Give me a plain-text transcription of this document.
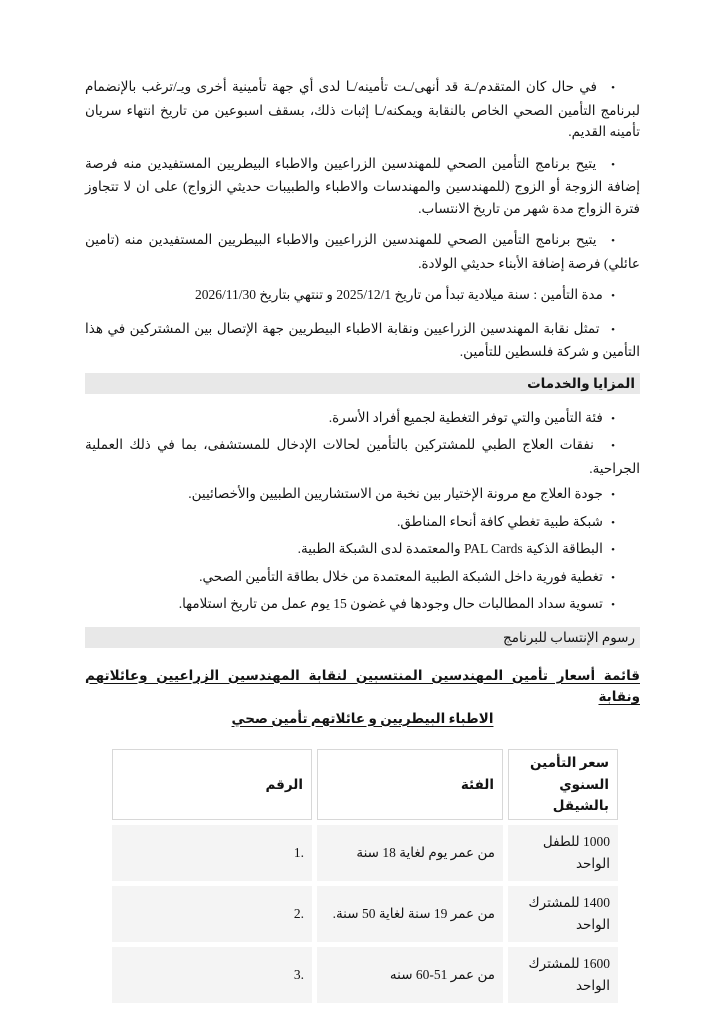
•   في حال كان المتقدم/ـة قد أنهى/ـت تأمينه/ـا لدى أي جهة تأمينية أخرى ويـ/ترغب بالإنضمام لبرنامج التأمين الصحي الخاص بالنقابة ويمكنه/ـا إثبات ذلك، بسقف اسبوعين من تاريخ انتهاء سريان تأمينه القديم.
•   يتيح برنامج التأمين الصحي للمهندسين الزراعيين والاطباء البيطريين المستفيدين منه فرصة إضافة الزوجة أو الزوج (للمهندسين والمهندسات والاطباء والطبيبات حديثي الزواج) على ان لا تتجاوز فترة الزواج مدة شهر من تاريخ الانتساب.
•   يتيح برنامج التأمين الصحي للمهندسين الزراعيين والاطباء البيطريين المستفيدين منه (تامين عائلي) فرصة إضافة الأبناء حديثي الولادة.
•   مدة التأمين : سنة ميلادية تبدأ من تاريخ 2025/12/1 و تنتهي بتاريخ 2026/11/30
•   تمثل نقابة المهندسين الزراعيين ونقابة الاطباء البيطريين جهة الإتصال بين المشتركين في هذا التأمين و شركة فلسطين للتأمين.
المزايا والخدمات
•   فئة التأمين والتي توفر التغطية لجميع أفراد الأسرة.
•   نفقات العلاج الطبي للمشتركين بالتأمين لحالات الإدخال للمستشفى، بما في ذلك العملية الجراحية.
•   جودة العلاج مع مرونة الإختيار بين نخبة من الاستشاريين الطبيين والأخصائيين.
•   شبكة طبية تغطي كافة أنحاء المناطق.
•   البطاقة الذكية PAL Cards والمعتمدة لدى الشبكة الطبية.
•   تغطية فورية داخل الشبكة الطبية المعتمدة من خلال بطاقة التأمين الصحي.
•   تسوية سداد المطالبات حال وجودها في غضون 15 يوم عمل من تاريخ استلامها.
رسوم الإنتساب للبرنامج
قائمة أسعار تأمين المهندسين المنتسبين لنقابة المهندسين الزراعيين وعائلاتهم ونقابة
الاطباء البيطريين و عائلاتهم تأمين صحي
سعر التأمين السنوي بالشيقل	الفئة	الرقم
1000 للطفل الواحد	من عمر يوم لغاية 18 سنة	1.
1400 للمشترك الواحد	من عمر 19 سنة لغاية 50 سنة.	2.
1600 للمشترك الواحد	من عمر 51-60 سنه	3.
